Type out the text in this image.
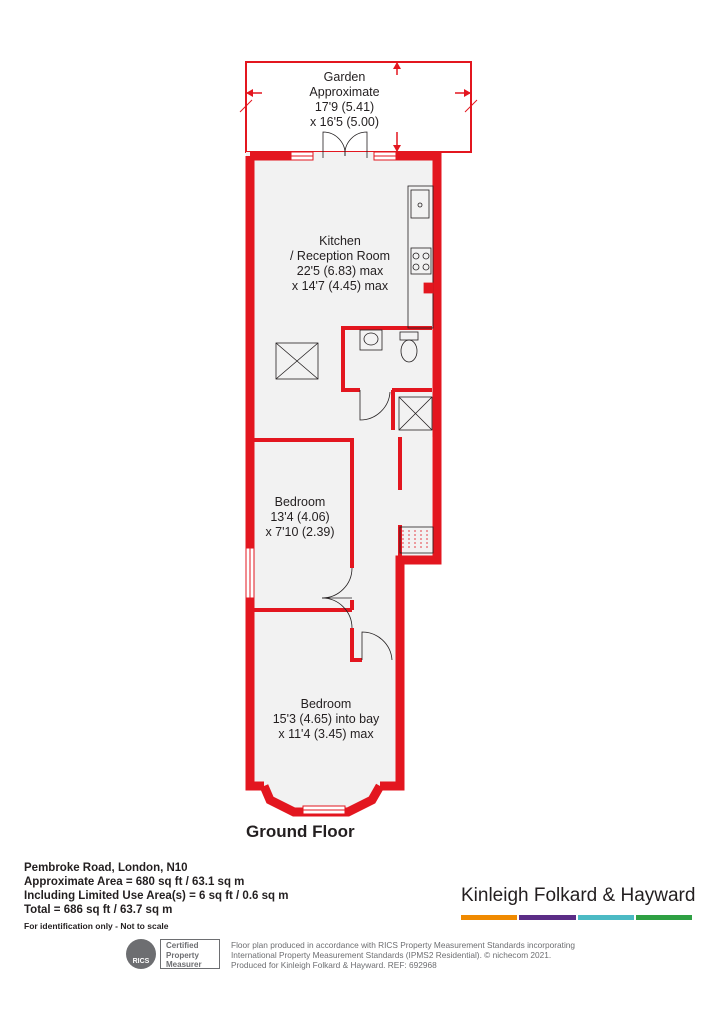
Garden
Approximate
17'9 (5.41)
x 16'5 (5.00)
Kitchen
/ Reception Room
22'5 (6.83) max
x 14'7 (4.45) max
Bedroom
13'4 (4.06)
x 7'10 (2.39)
Bedroom
15'3 (4.65) into bay
x 11'4 (3.45) max
Ground Floor
Pembroke Road, London, N10
Approximate Area = 680 sq ft / 63.1 sq m
Including Limited Use Area(s) = 6 sq ft / 0.6 sq m
Total = 686 sq ft / 63.7 sq m
For identification only - Not to scale
Kinleigh Folkard & Hayward
RICS
Certified
Property
Measurer
Floor plan produced in accordance with RICS Property Measurement Standards incorporating
International Property Measurement Standards (IPMS2 Residential). © nichecom 2021.
Produced for Kinleigh Folkard & Hayward. REF: 692968
